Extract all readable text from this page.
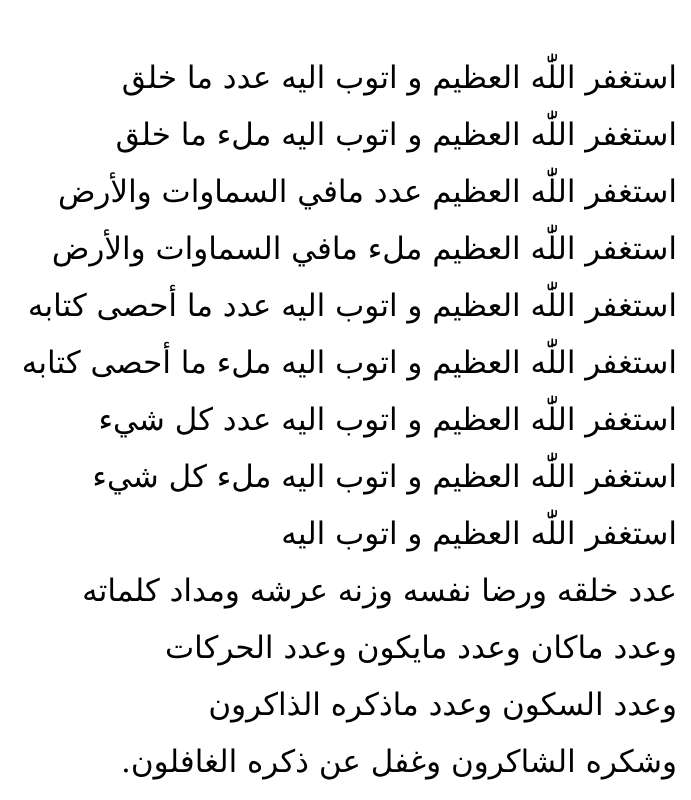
استغفر اللّٰه العظيم و اتوب اليه عدد ما خلق
استغفر اللّٰه العظيم و اتوب اليه ملء ما خلق
استغفر اللّٰه العظيم عدد مافي السماوات والأرض
استغفر اللّٰه العظيم ملء مافي السماوات والأرض
استغفر اللّٰه العظيم و اتوب اليه عدد ما أحصى كتابه
استغفر اللّٰه العظيم و اتوب اليه ملء ما أحصى كتابه
استغفر اللّٰه العظيم و اتوب اليه عدد كل شيء
استغفر اللّٰه العظيم و اتوب اليه ملء كل شيء
استغفر اللّٰه العظيم و اتوب اليه
عدد خلقه ورضا نفسه وزنه عرشه ومداد كلماته
وعدد ماكان وعدد مايكون وعدد الحركات
وعدد السكون وعدد ماذكره الذاكرون
وشكره الشاكرون وغفل عن ذكره الغافلون.
